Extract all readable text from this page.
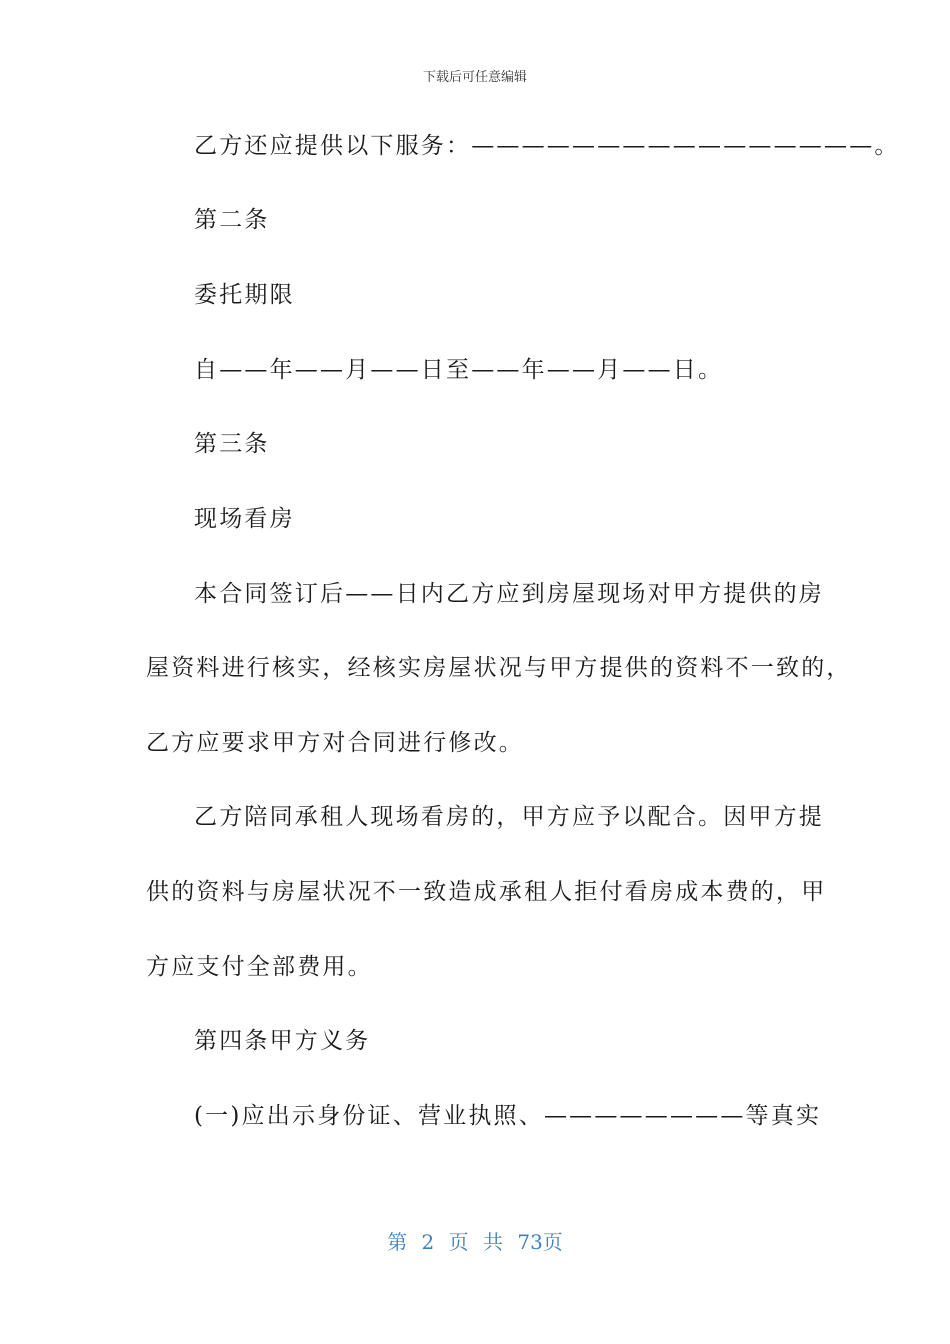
下载后可任意编辑
乙方还应提供以下服务：————————————————。
第二条
委托期限
自——年——月——日至——年——月——日。
第三条
现场看房
本合同签订后——日内乙方应到房屋现场对甲方提供的房
屋资料进行核实，经核实房屋状况与甲方提供的资料不一致的，
乙方应要求甲方对合同进行修改。
乙方陪同承租人现场看房的，甲方应予以配合。因甲方提
供的资料与房屋状况不一致造成承租人拒付看房成本费的，甲
方应支付全部费用。
第四条甲方义务
(一)应出示身份证、营业执照、————————等真实
第 2 页 共 73页
